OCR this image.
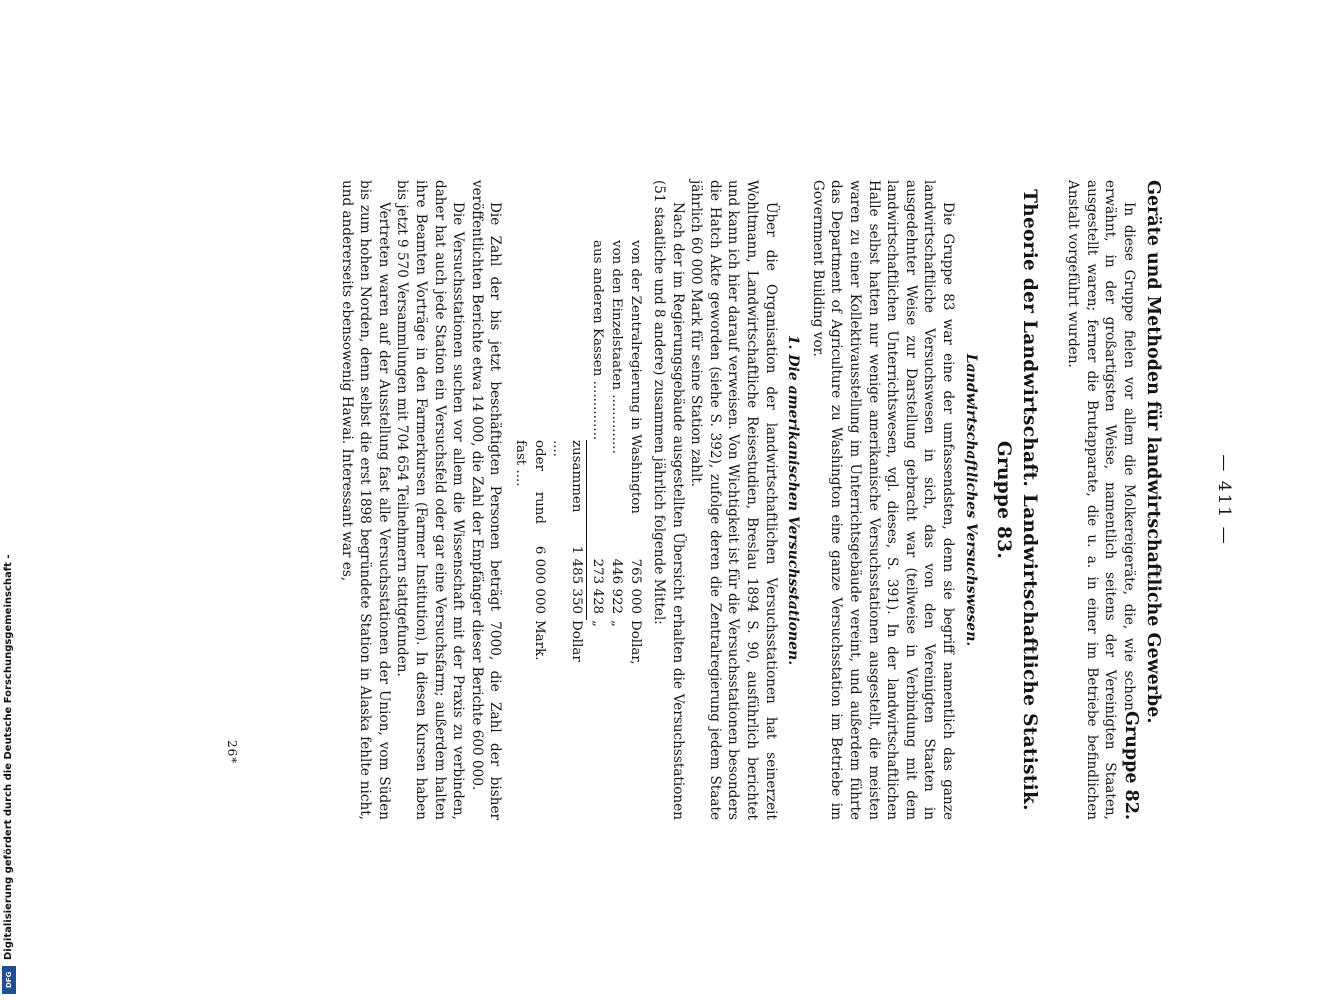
— 411 —
Geräte und Methoden für landwirtschaftliche Gewerbe.
Gruppe 82.

In diese Gruppe fielen vor allem die Molkereigeräte, die, wie schon erwähnt, in der großartigsten Weise, namentlich seitens der Vereinigten Staaten, ausgestellt waren; ferner die Brutapparate, die u. a. in einer im Betriebe befindlichen Anstalt vorgeführt wurden.

Theorie der Landwirtschaft. Landwirtschaftliche Statistik. Gruppe 83.
Landwirtschaftliches Versuchswesen.

Die Gruppe 83 war eine der umfassendsten, denn sie begriff namentlich das ganze landwirtschaftliche Versuchswesen in sich, das von den Vereinigten Staaten in ausgedehnter Weise zur Darstellung gebracht war (teilweise in Verbindung mit dem landwirtschaftlichen Unterrichtswesen, vgl. dieses, S. 391). In der landwirtschaftlichen Halle selbst hatten nur wenige amerikanische Versuchsstationen ausgestellt, die meisten waren zu einer Kollektivausstellung im Unterrichtsgebäude vereint, und außerdem führte das Department of Agriculture zu Washington eine ganze Versuchsstation im Betriebe im Government Building vor.

1. Die amerikanischen Versuchsstationen.

Über die Organisation der landwirtschaftlichen Versuchsstationen hat seinerzeit Wohltmann, Landwirtschaftliche Reisestudien, Breslau 1894 S. 90, ausführlich berichtet und kann ich hier darauf verweisen. Von Wichtigkeit ist für die Versuchsstationen besonders die Hatch Akte geworden (siehe S. 392), zufolge deren die Zentralregierung jedem Staate jährlich 60 000 Mark für seine Station zahlt.

Nach der im Regierungsgebäude ausgestellten Übersicht erhalten die Versuchsstationen (51 staatliche und 8 andere) zusammen jährlich folgende Mittel:

von der Zentralregierung in Washington
765 000
Dollar,
von den Einzelstaaten ..............
446 922
„
aus anderen Kassen ..............
273 428
„
zusammen ....
1 485 350
Dollar
oder rund fast ....
6 000 000
Mark.

Die Zahl der bis jetzt beschäftigten Personen beträgt 7000, die Zahl der bisher veröffentlichten Berichte etwa 14 000, die Zahl der Empfänger dieser Berichte 600 000.

Die Versuchsstationen suchen vor allem die Wissenschaft mit der Praxis zu verbinden, daher hat auch jede Station ein Versuchsfeld oder gar eine Versuchsfarm; außerdem halten ihre Beamten Vorträge in den Farmerkursen (Farmer Institution). In diesen Kursen haben bis jetzt 9 570 Versammlungen mit 704 654 Teilnehmern stattgefunden.

Vertreten waren auf der Ausstellung fast alle Versuchsstationen der Union, vom Süden bis zum hohen Norden, denn selbst die erst 1898 begründete Station in Alaska fehlte nicht, und andererseits ebensowenig Hawai. Interessant war es,

26*
Digitalisierung gefördert durch die Deutsche Forschungsgemeinschaft -
DFG
